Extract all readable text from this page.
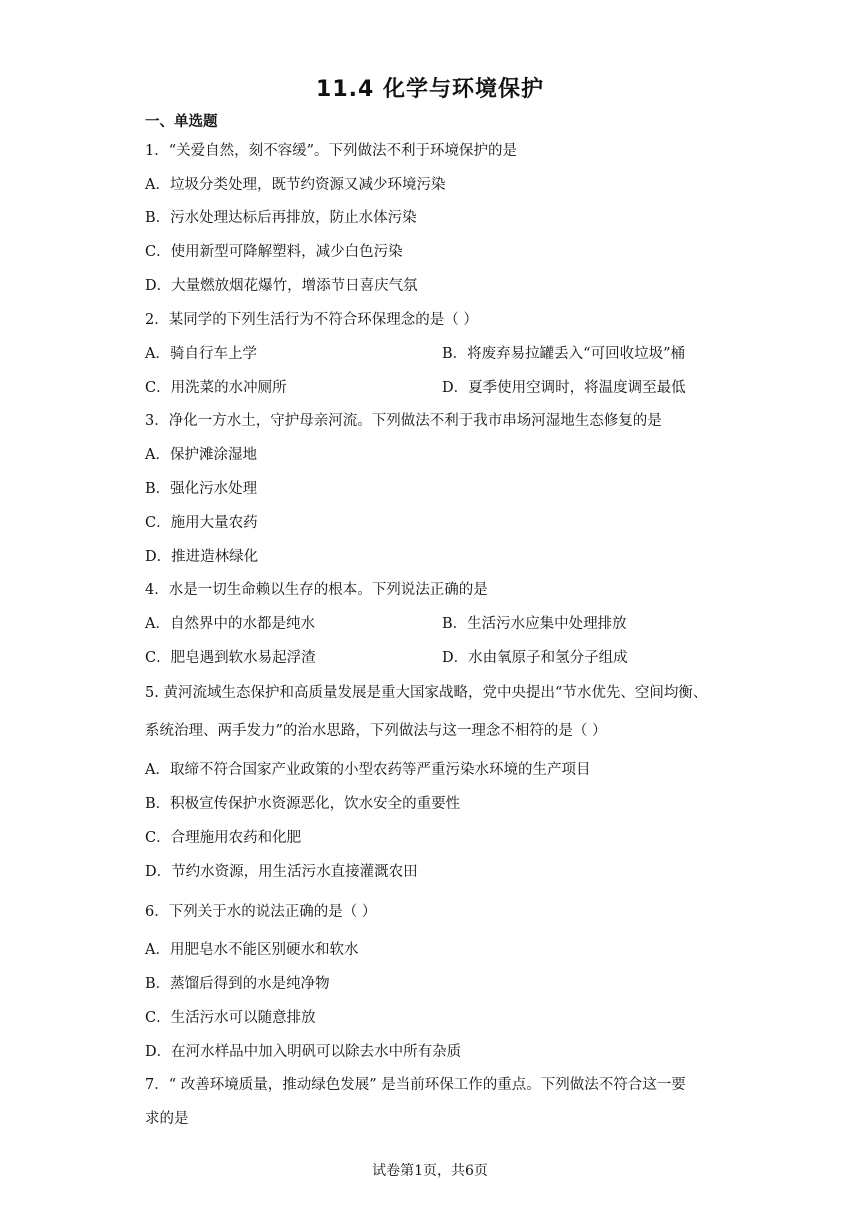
11.4 化学与环境保护
一、单选题
1．“关爱自然，刻不容缓”。下列做法不利于环境保护的是
A．垃圾分类处理，既节约资源又减少环境污染
B．污水处理达标后再排放，防止水体污染
C．使用新型可降解塑料，减少白色污染
D．大量燃放烟花爆竹，增添节日喜庆气氛
2．某同学的下列生活行为不符合环保理念的是（ ）
A．骑自行车上学	B．将废弃易拉罐丢入“可回收垃圾”桶
C．用洗菜的水冲厕所	D．夏季使用空调时，将温度调至最低
3．净化一方水土，守护母亲河流。下列做法不利于我市串场河湿地生态修复的是
A．保护滩涂湿地
B．强化污水处理
C．施用大量农药
D．推进造林绿化
4．水是一切生命赖以生存的根本。下列说法正确的是
A．自然界中的水都是纯水	B．生活污水应集中处理排放
C．肥皂遇到软水易起浮渣	D．水由氧原子和氢分子组成
5. 黄河流域生态保护和高质量发展是重大国家战略，党中央提出“节水优先、空间均衡、
系统治理、两手发力”的治水思路，下列做法与这一理念不相符的是（ ）
A．取缔不符合国家产业政策的小型农药等严重污染水环境的生产项目
B．积极宣传保护水资源恶化，饮水安全的重要性
C．合理施用农药和化肥
D．节约水资源，用生活污水直接灌溉农田
6．下列关于水的说法正确的是（ ）
A．用肥皂水不能区别硬水和软水
B．蒸馏后得到的水是纯净物
C．生活污水可以随意排放
D．在河水样品中加入明矾可以除去水中所有杂质
7．“ 改善环境质量，推动绿色发展” 是当前环保工作的重点。下列做法不符合这一要
求的是
试卷第1页，共6页
